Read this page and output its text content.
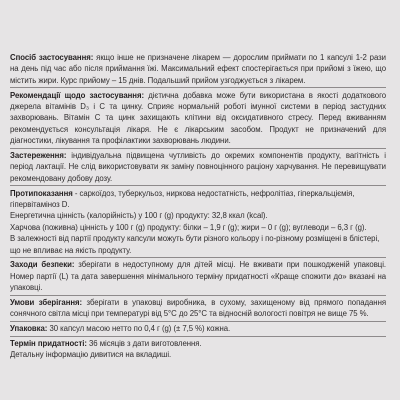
Спосіб застосування: якщо інше не призначене лікарем — дорослим приймати по 1 капсулі 1-2 рази на день під час або після приймання їжі. Максимальний ефект спостерігається при прийомі з їжею, що містить жири. Курс прийому – 15 днів. Подальший прийом узгоджується з лікарем.

Рекомендації щодо застосування: дієтична добавка може бути використана в якості додаткового джерела вітамінів D₃ і C та цинку. Сприяє нормальній роботі імунної системи в період застудних захворювань. Вітамін С та цинк захищають клітини від оксидативного стресу. Перед вживанням рекомендується консультація лікаря. Не є лікарським засобом. Продукт не призначений для діагностики, лікування та профілактики захворювань людини.

Застереження: індивідуальна підвищена чутливість до окремих компонентів продукту, вагітність і період лактації. Не слід використовувати як заміну повноцінного раціону харчування. Не перевищувати рекомендовану добову дозу.

Протипоказання - саркоїдоз, туберкульоз, ниркова недостатність, нефролітіаз, гіперкальціємія, гіпервітаміноз D.

Енергетична цінність (калорійність) у 100 г (g) продукту: 32,8 ккал (kcal).

Харчова (поживна) цінність у 100 г (g) продукту: білки – 1,9 г (g); жири – 0 г (g); вуглеводи – 6,3 г (g).

В залежності від партії продукту капсули можуть бути різного кольору і по-різному розміщені в блістері, що не впливає на якість продукту.

Заходи безпеки: зберігати в недоступному для дітей місці. Не вживати при пошкодженій упаковці. Номер партії (L) та дата завершення мінімального терміну придатності «Краще спожити до» вказані на упаковці.

Умови зберігання: зберігати в упаковці виробника, в сухому, захищеному від прямого попадання сонячного світла місці при температурі від 5°С до 25°С та відносній вологості повітря не вище 75 %.

Упаковка: 30 капсул масою нетто по 0,4 г (g) (± 7,5 %) кожна.

Термін придатності: 36 місяців з дати виготовлення.

Детальну інформацію дивитися на вкладиші.
